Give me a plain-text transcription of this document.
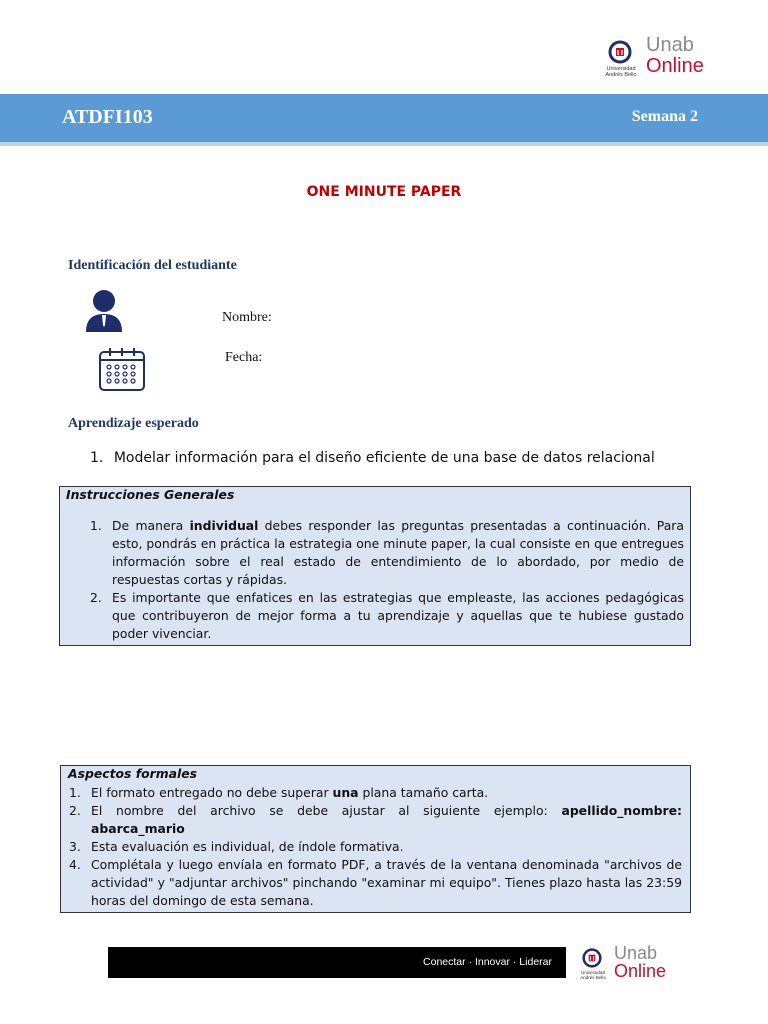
Universidad Andrés Bello
Unab
Online
ATDFI103	Semana 2
ONE MINUTE PAPER
Identificación del estudiante
Nombre:
Fecha:
Aprendizaje esperado
1. Modelar información para el diseño eficiente de una base de datos relacional
Instrucciones Generales
1. De manera individual debes responder las preguntas presentadas a continuación. Para esto, pondrás en práctica la estrategia one minute paper, la cual consiste en que entregues información sobre el real estado de entendimiento de lo abordado, por medio de respuestas cortas y rápidas.
2. Es importante que enfatices en las estrategias que empleaste, las acciones pedagógicas que contribuyeron de mejor forma a tu aprendizaje y aquellas que te hubiese gustado poder vivenciar.
Aspectos formales
1. El formato entregado no debe superar una plana tamaño carta.
2. El nombre del archivo se debe ajustar al siguiente ejemplo: apellido_nombre: abarca_mario
3. Esta evaluación es individual, de índole formativa.
4. Complétala y luego envíala en formato PDF, a través de la ventana denominada "archivos de actividad" y "adjuntar archivos" pinchando "examinar mi equipo". Tienes plazo hasta las 23:59 horas del domingo de esta semana.
Conectar · Innovar · Liderar
Universidad Andrés Bello
Unab
Online
